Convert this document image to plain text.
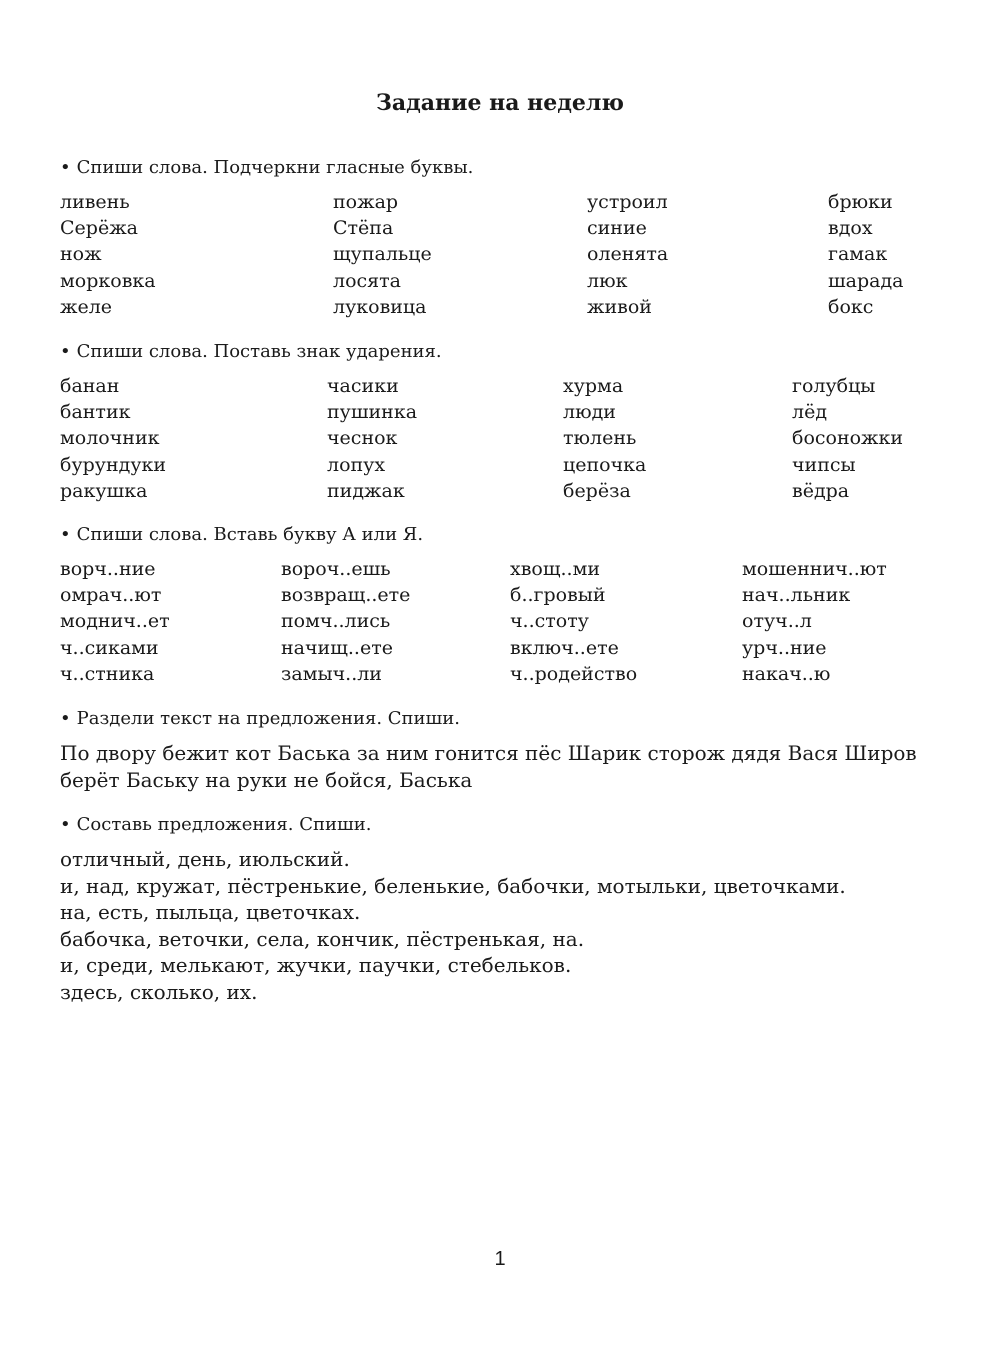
Задание на неделю
• Спиши слова. Подчеркни гласные буквы.
ливень
Серёжа
нож
морковка
желе
пожар
Стёпа
щупальце
лосята
луковица
устроил
синие
оленята
люк
живой
брюки
вдох
гамак
шарада
бокс
• Спиши слова. Поставь знак ударения.
банан
бантик
молочник
бурундуки
ракушка
часики
пушинка
чеснок
лопух
пиджак
хурма
люди
тюлень
цепочка
берёза
голубцы
лёд
босоножки
чипсы
вёдра
• Спиши слова. Вставь букву А или Я.
ворч..ние
омрач..ют
моднич..ет
ч..сиками
ч..стника
вороч..ешь
возвращ..ете
помч..лись
начищ..ете
замыч..ли
хвощ..ми
б..гровый
ч..стоту
включ..ете
ч..родейство
мошеннич..ют
нач..льник
отуч..л
урч..ние
накач..ю
• Раздели текст на предложения. Спиши.
По двору бежит кот Баська за ним гонится пёс Шарик сторож дядя Вася Широв
берёт Баську на руки не бойся, Баська
• Составь предложения. Спиши.
отличный, день, июльский.
и, над, кружат, пёстренькие, беленькие, бабочки, мотыльки, цветочками.
на, есть, пыльца, цветочках.
бабочка, веточки, села, кончик, пёстренькая, на.
и, среди, мелькают, жучки, паучки, стебельков.
здесь, сколько, их.
1
